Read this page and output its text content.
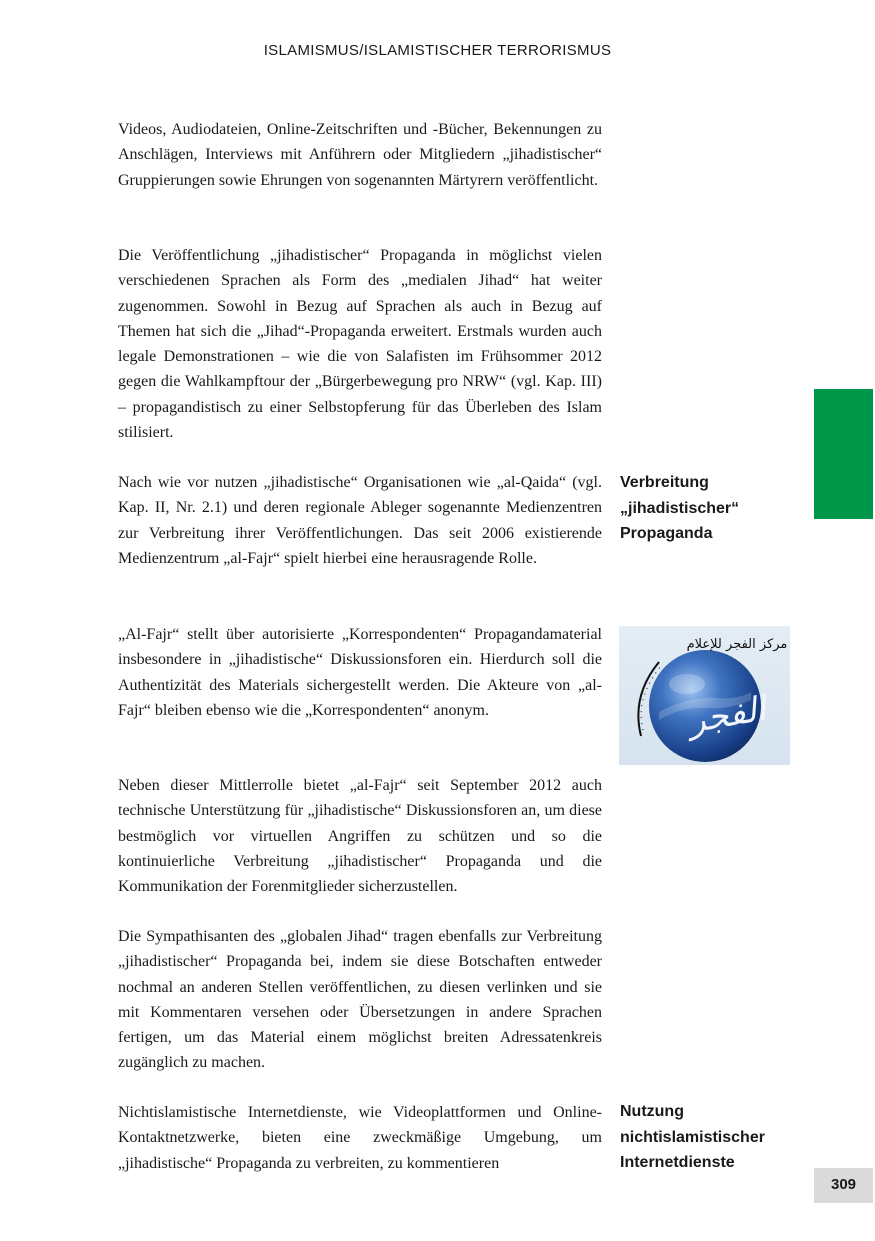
ISLAMISMUS/ISLAMISTISCHER TERRORISMUS

Videos, Audiodateien, Online-Zeitschriften und -Bücher, Bekennungen zu Anschlägen, Interviews mit Anführern oder Mitgliedern „jihadistischer“ Gruppierungen sowie Ehrungen von sogenannten Märtyrern veröffentlicht.

Die Veröffentlichung „jihadistischer“ Propaganda in möglichst vielen verschiedenen Sprachen als Form des „medialen Jihad“ hat weiter zugenommen. Sowohl in Bezug auf Sprachen als auch in Bezug auf Themen hat sich die „Jihad“-Propaganda erweitert. Erstmals wurden auch legale Demonstrationen – wie die von Salafisten im Frühsommer 2012 gegen die Wahlkampftour der „Bürgerbewegung pro NRW“ (vgl. Kap. III) – propagandistisch zu einer Selbstopferung für das Überleben des Islam stilisiert.

Nach wie vor nutzen „jihadistische“ Organisationen wie „al-Qaida“ (vgl. Kap. II, Nr. 2.1) und deren regionale Ableger sogenannte Medienzentren zur Verbreitung ihrer Veröffentlichungen. Das seit 2006 existierende Medienzentrum „al-Fajr“ spielt hierbei eine herausragende Rolle.

„Al-Fajr“ stellt über autorisierte „Korrespondenten“ Propagandamaterial insbesondere in „jihadistische“ Diskussionsforen ein. Hierdurch soll die Authentizität des Materials sichergestellt werden. Die Akteure von „al-Fajr“ bleiben ebenso wie die „Korrespondenten“ anonym.

Neben dieser Mittlerrolle bietet „al-Fajr“ seit September 2012 auch technische Unterstützung für „jihadistische“ Diskussionsforen an, um diese bestmöglich vor virtuellen Angriffen zu schützen und so die kontinuierliche Verbreitung „jihadistischer“ Propaganda und die Kommunikation der Forenmitglieder sicherzustellen.

Die Sympathisanten des „globalen Jihad“ tragen ebenfalls zur Verbreitung „jihadistischer“ Propaganda bei, indem sie diese Botschaften entweder nochmal an anderen Stellen veröffentlichen, zu diesen verlinken und sie mit Kommentaren versehen oder Übersetzungen in andere Sprachen fertigen, um das Material einem möglichst breiten Adressatenkreis zugänglich zu machen.

Nichtislamistische Internetdienste, wie Videoplattformen und Online-Kontaktnetzwerke, bieten eine zweckmäßige Umgebung, um „jihadistische“ Propaganda zu verbreiten, zu kommentieren

Verbreitung
„jihadistischer“
Propaganda
Nutzung
nichtislamistischer
Internetdienste
309
مركز الفجر للإعلام
الفجر
